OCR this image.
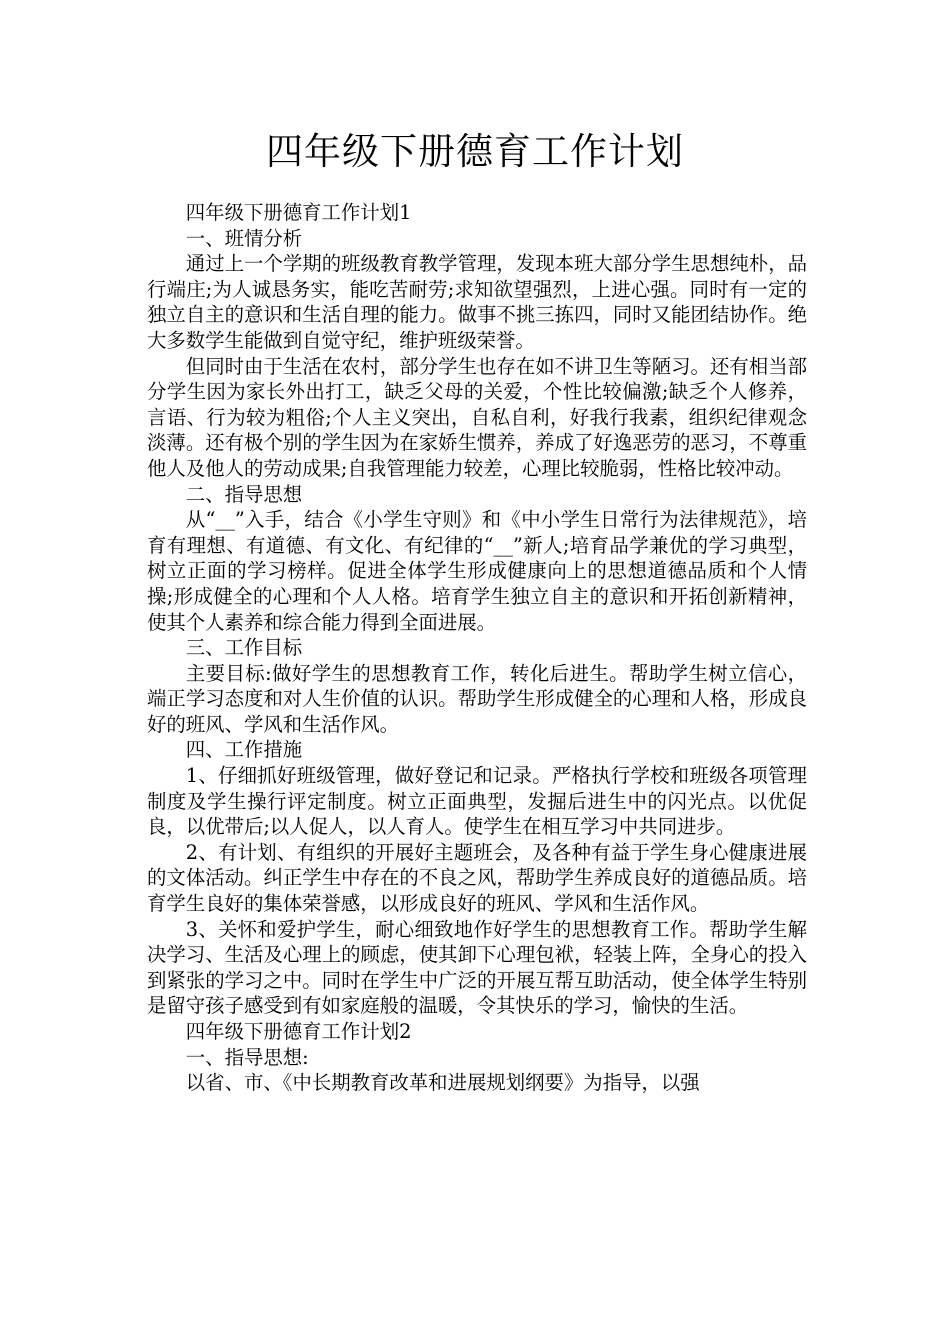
四年级下册德育工作计划

四年级下册德育工作计划1

一、班情分析

通过上一个学期的班级教育教学管理，发现本班大部分学生思想纯朴，品行端庄;为人诚恳务实，能吃苦耐劳;求知欲望强烈，上进心强。同时有一定的独立自主的意识和生活自理的能力。做事不挑三拣四，同时又能团结协作。绝大多数学生能做到自觉守纪，维护班级荣誉。

但同时由于生活在农村，部分学生也存在如不讲卫生等陋习。还有相当部分学生因为家长外出打工，缺乏父母的关爱，个性比较偏激;缺乏个人修养，言语、行为较为粗俗;个人主义突出，自私自利，好我行我素，组织纪律观念淡薄。还有极个别的学生因为在家娇生惯养，养成了好逸恶劳的恶习，不尊重他人及他人的劳动成果;自我管理能力较差，心理比较脆弱，性格比较冲动。

二、指导思想

从“__”入手，结合《小学生守则》和《中小学生日常行为法律规范》，培育有理想、有道德、有文化、有纪律的“__”新人;培育品学兼优的学习典型，树立正面的学习榜样。促进全体学生形成健康向上的思想道德品质和个人情操;形成健全的心理和个人人格。培育学生独立自主的意识和开拓创新精神，使其个人素养和综合能力得到全面进展。

三、工作目标

主要目标:做好学生的思想教育工作，转化后进生。帮助学生树立信心，端正学习态度和对人生价值的认识。帮助学生形成健全的心理和人格，形成良好的班风、学风和生活作风。

四、工作措施

1、仔细抓好班级管理，做好登记和记录。严格执行学校和班级各项管理制度及学生操行评定制度。树立正面典型，发掘后进生中的闪光点。以优促良，以优带后;以人促人，以人育人。使学生在相互学习中共同进步。

2、有计划、有组织的开展好主题班会，及各种有益于学生身心健康进展的文体活动。纠正学生中存在的不良之风，帮助学生养成良好的道德品质。培育学生良好的集体荣誉感，以形成良好的班风、学风和生活作风。

3、关怀和爱护学生，耐心细致地作好学生的思想教育工作。帮助学生解决学习、生活及心理上的顾虑，使其卸下心理包袱，轻装上阵，全身心的投入到紧张的学习之中。同时在学生中广泛的开展互帮互助活动，使全体学生特别是留守孩子感受到有如家庭般的温暖，令其快乐的学习，愉快的生活。

四年级下册德育工作计划2

一、指导思想:

以省、市、《中长期教育改革和进展规划纲要》为指导，以强
